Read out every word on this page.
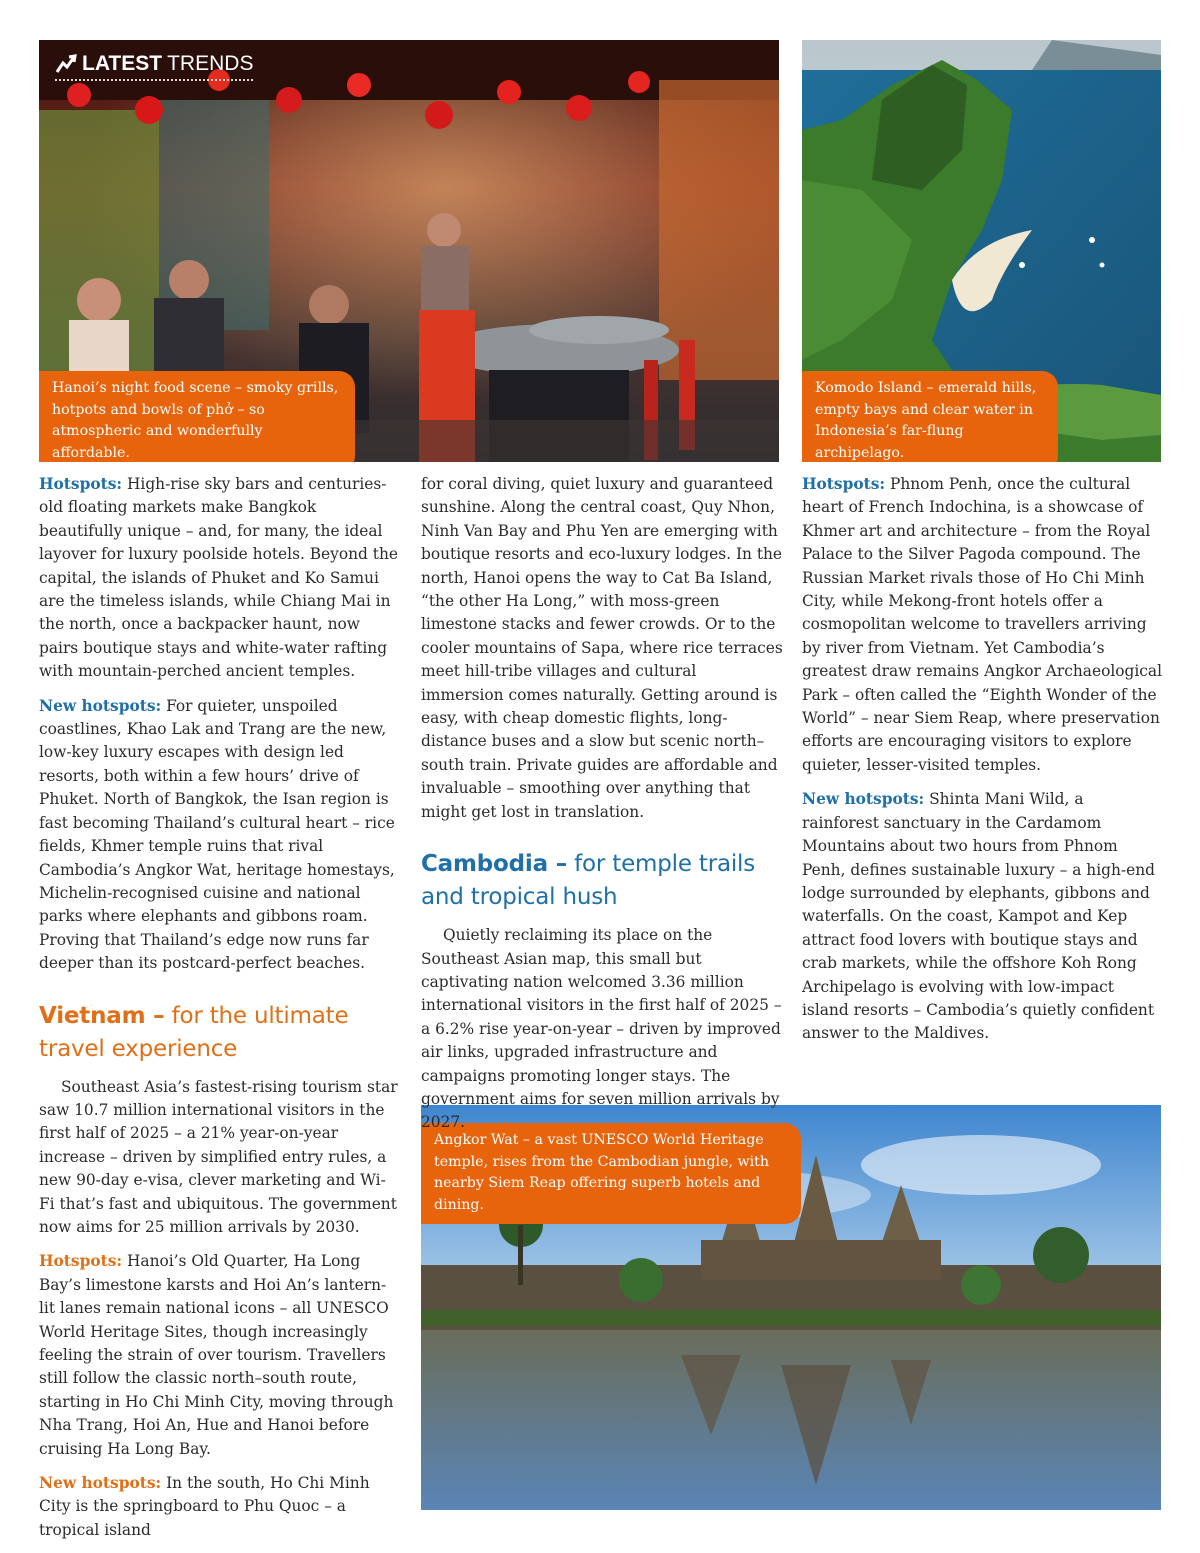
LATEST TRENDS
Hanoi’s night food scene – smoky grills, hotpots and bowls of phở – so atmospheric and wonderfully affordable.
Komodo Island – emerald hills, empty bays and clear water in Indonesia’s far-flung archipelago.
Angkor Wat – a vast UNESCO World Heritage temple, rises from the Cambodian jungle, with nearby Siem Reap offering superb hotels and dining.

Hotspots: High-rise sky bars and centuries-old floating markets make Bangkok beautifully unique – and, for many, the ideal layover for luxury poolside hotels. Beyond the capital, the islands of Phuket and Ko Samui are the timeless islands, while Chiang Mai in the north, once a backpacker haunt, now pairs boutique stays and white-water rafting with mountain-perched ancient temples.

New hotspots: For quieter, unspoiled coastlines, Khao Lak and Trang are the new, low-key luxury escapes with design led resorts, both within a few hours’ drive of Phuket. North of Bangkok, the Isan region is fast becoming Thailand’s cultural heart – rice fields, Khmer temple ruins that rival Cambodia’s Angkor Wat, heritage homestays, Michelin-recognised cuisine and national parks where elephants and gibbons roam. Proving that Thailand’s edge now runs far deeper than its postcard-perfect beaches.

Vietnam – for the ultimate travel experience

Southeast Asia’s fastest-rising tourism star saw 10.7 million international visitors in the first half of 2025 – a 21% year-on-year increase – driven by simplified entry rules, a new 90-day e-visa, clever marketing and Wi-Fi that’s fast and ubiquitous. The government now aims for 25 million arrivals by 2030.

Hotspots: Hanoi’s Old Quarter, Ha Long Bay’s limestone karsts and Hoi An’s lantern-lit lanes remain national icons – all UNESCO World Heritage Sites, though increasingly feeling the strain of over tourism. Travellers still follow the classic north–south route, starting in Ho Chi Minh City, moving through Nha Trang, Hoi An, Hue and Hanoi before cruising Ha Long Bay.

New hotspots: In the south, Ho Chi Minh City is the springboard to Phu Quoc – a tropical island

for coral diving, quiet luxury and guaranteed sunshine. Along the central coast, Quy Nhon, Ninh Van Bay and Phu Yen are emerging with boutique resorts and eco-luxury lodges. In the north, Hanoi opens the way to Cat Ba Island, “the other Ha Long,” with moss-green limestone stacks and fewer crowds. Or to the cooler mountains of Sapa, where rice terraces meet hill-tribe villages and cultural immersion comes naturally. Getting around is easy, with cheap domestic flights, long-distance buses and a slow but scenic north–south train. Private guides are affordable and invaluable – smoothing over anything that might get lost in translation.

Cambodia – for temple trails and tropical hush

Quietly reclaiming its place on the Southeast Asian map, this small but captivating nation welcomed 3.36 million international visitors in the first half of 2025 – a 6.2% rise year-on-year – driven by improved air links, upgraded infrastructure and campaigns promoting longer stays. The government aims for seven million arrivals by 2027.

Hotspots: Phnom Penh, once the cultural heart of French Indochina, is a showcase of Khmer art and architecture – from the Royal Palace to the Silver Pagoda compound. The Russian Market rivals those of Ho Chi Minh City, while Mekong-front hotels offer a cosmopolitan welcome to travellers arriving by river from Vietnam. Yet Cambodia’s greatest draw remains Angkor Archaeological Park – often called the “Eighth Wonder of the World” – near Siem Reap, where preservation efforts are encouraging visitors to explore quieter, lesser-visited temples.

New hotspots: Shinta Mani Wild, a rainforest sanctuary in the Cardamom Mountains about two hours from Phnom Penh, defines sustainable luxury – a high-end lodge surrounded by elephants, gibbons and waterfalls. On the coast, Kampot and Kep attract food lovers with boutique stays and crab markets, while the offshore Koh Rong Archipelago is evolving with low-impact island resorts – Cambodia’s quietly confident answer to the Maldives.
